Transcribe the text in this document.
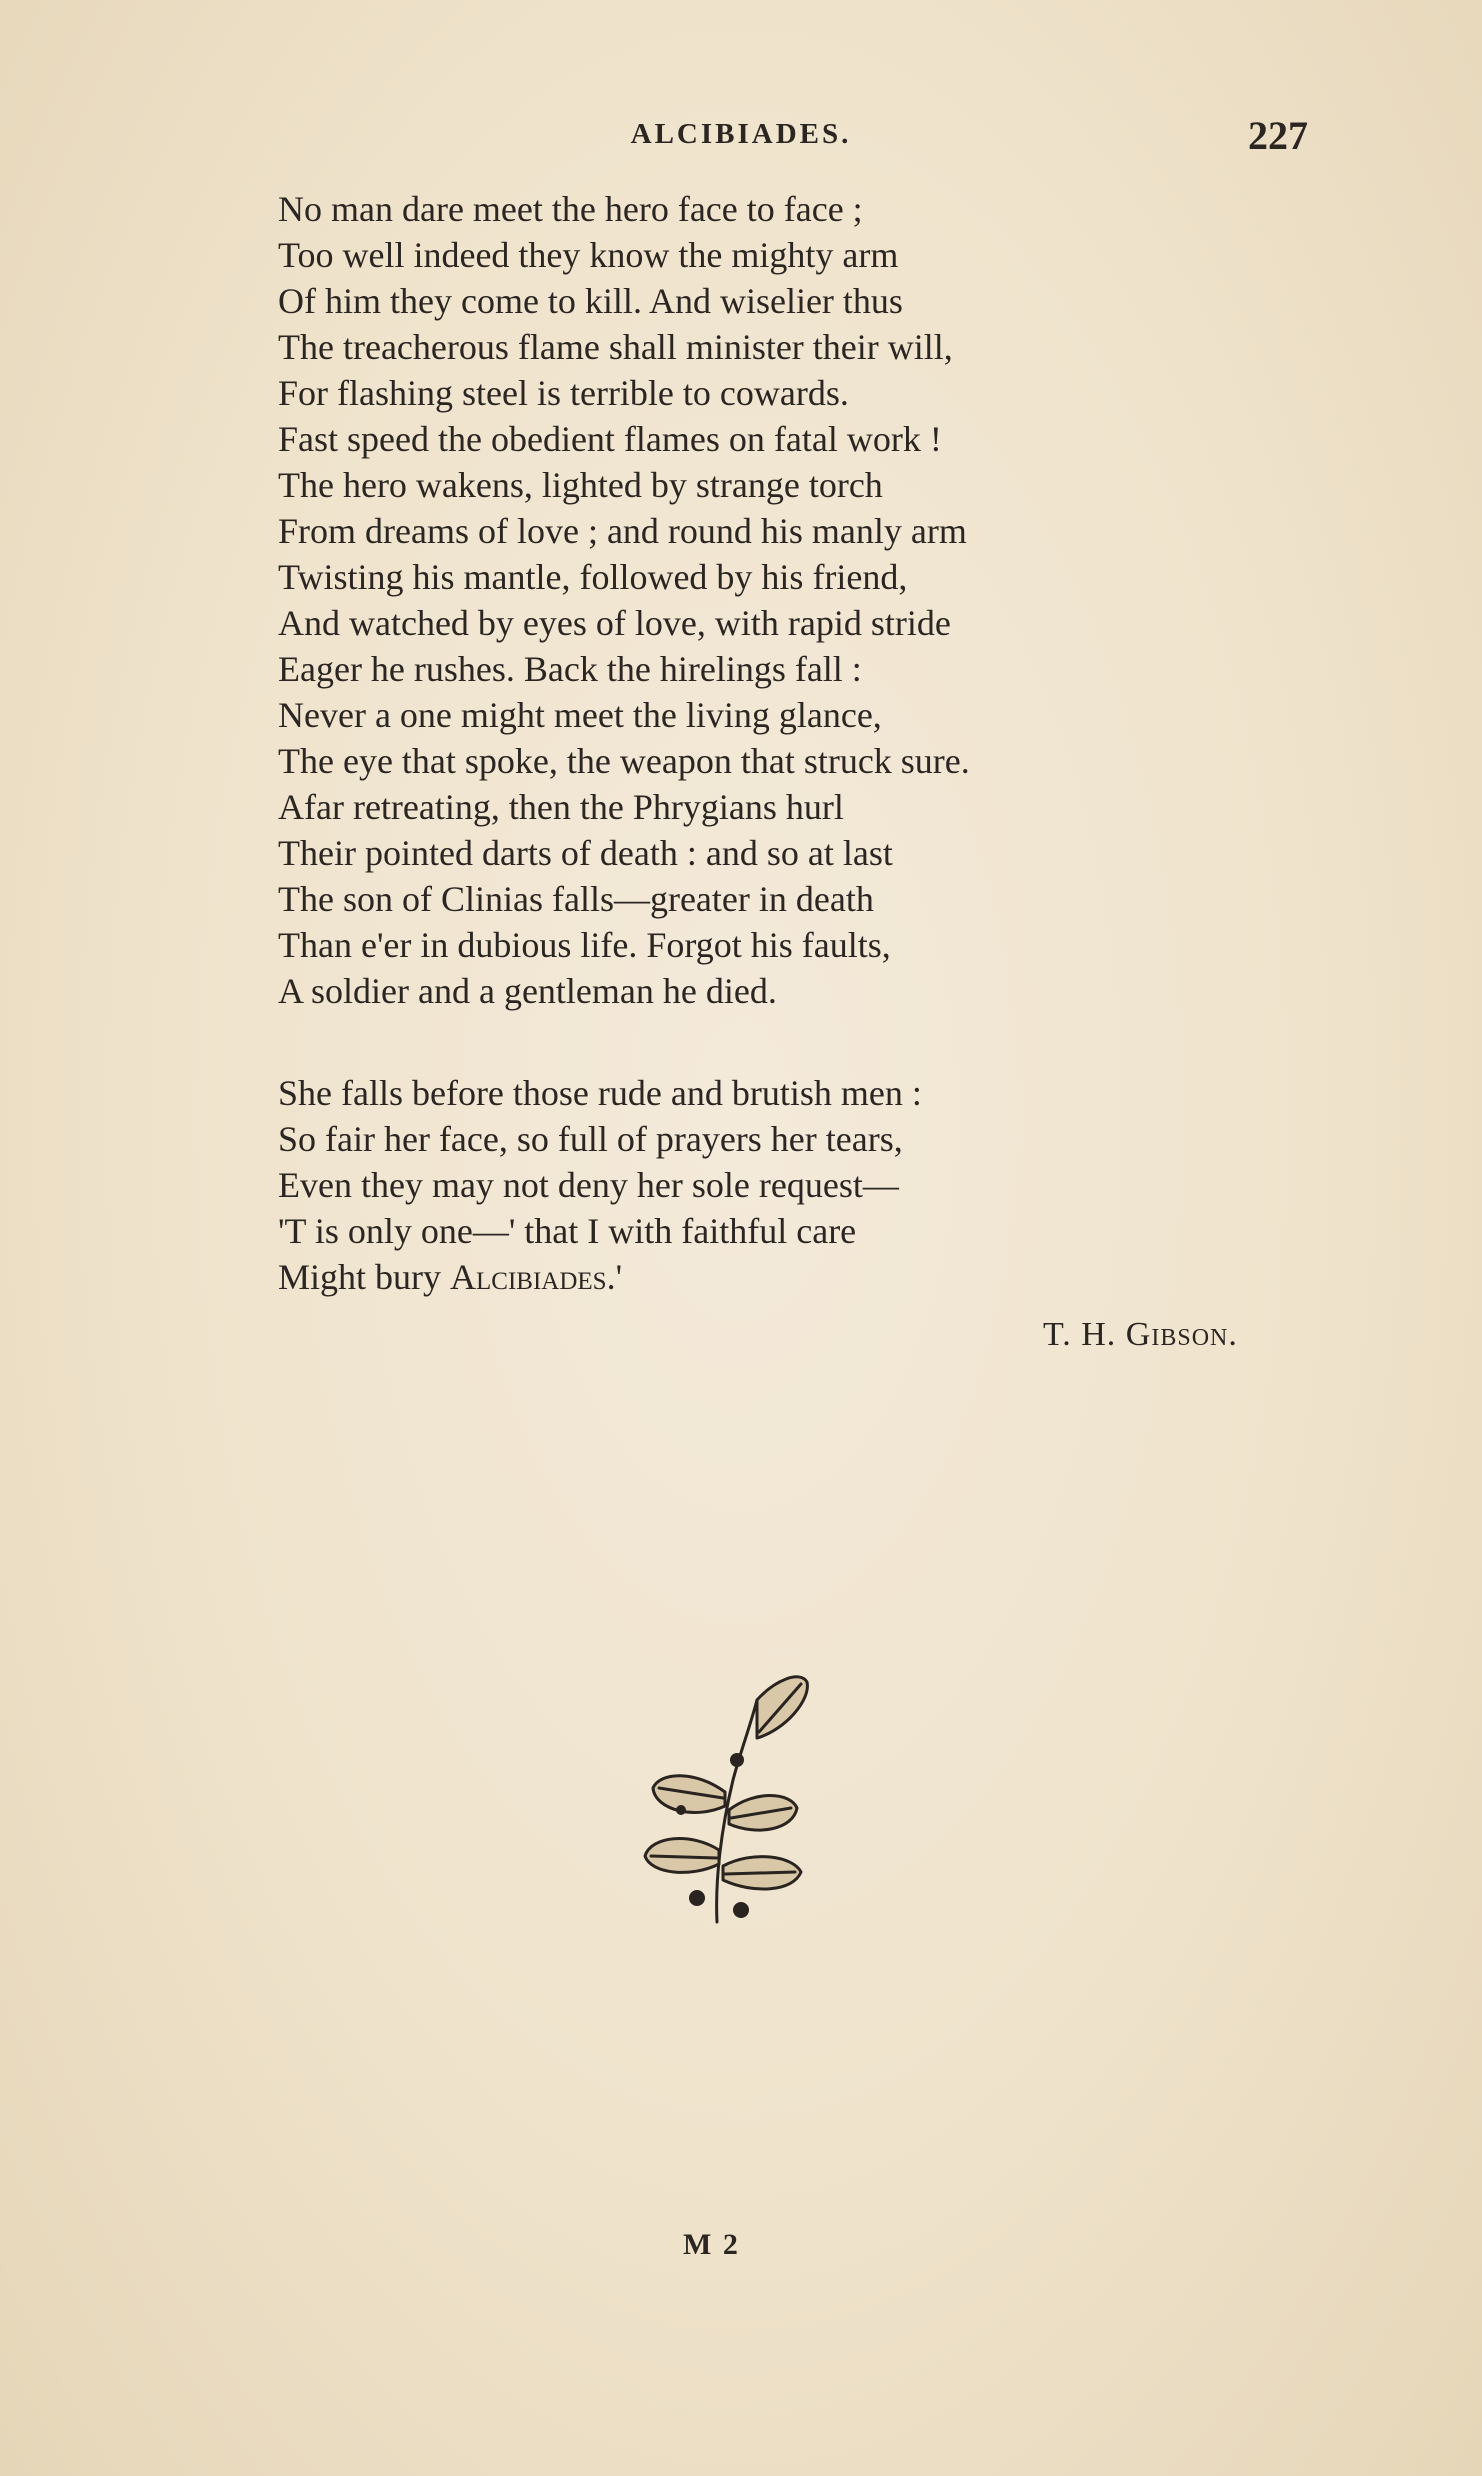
ALCIBIADES.	227
No man dare meet the hero face to face ;
Too well indeed they know the mighty arm
Of him they come to kill. And wiselier thus
The treacherous flame shall minister their will,
For flashing steel is terrible to cowards.
Fast speed the obedient flames on fatal work !
The hero wakens, lighted by strange torch
From dreams of love ; and round his manly arm
Twisting his mantle, followed by his friend,
And watched by eyes of love, with rapid stride
Eager he rushes. Back the hirelings fall :
Never a one might meet the living glance,
The eye that spoke, the weapon that struck sure.
Afar retreating, then the Phrygians hurl
Their pointed darts of death : and so at last
The son of Clinias falls—greater in death
Than e'er in dubious life. Forgot his faults,
A soldier and a gentleman he died.
She falls before those rude and brutish men :
So fair her face, so full of prayers her tears,
Even they may not deny her sole request—
'T is only one—' that I with faithful care
Might bury Alcibiades.'
T. H. Gibson.
M 2
